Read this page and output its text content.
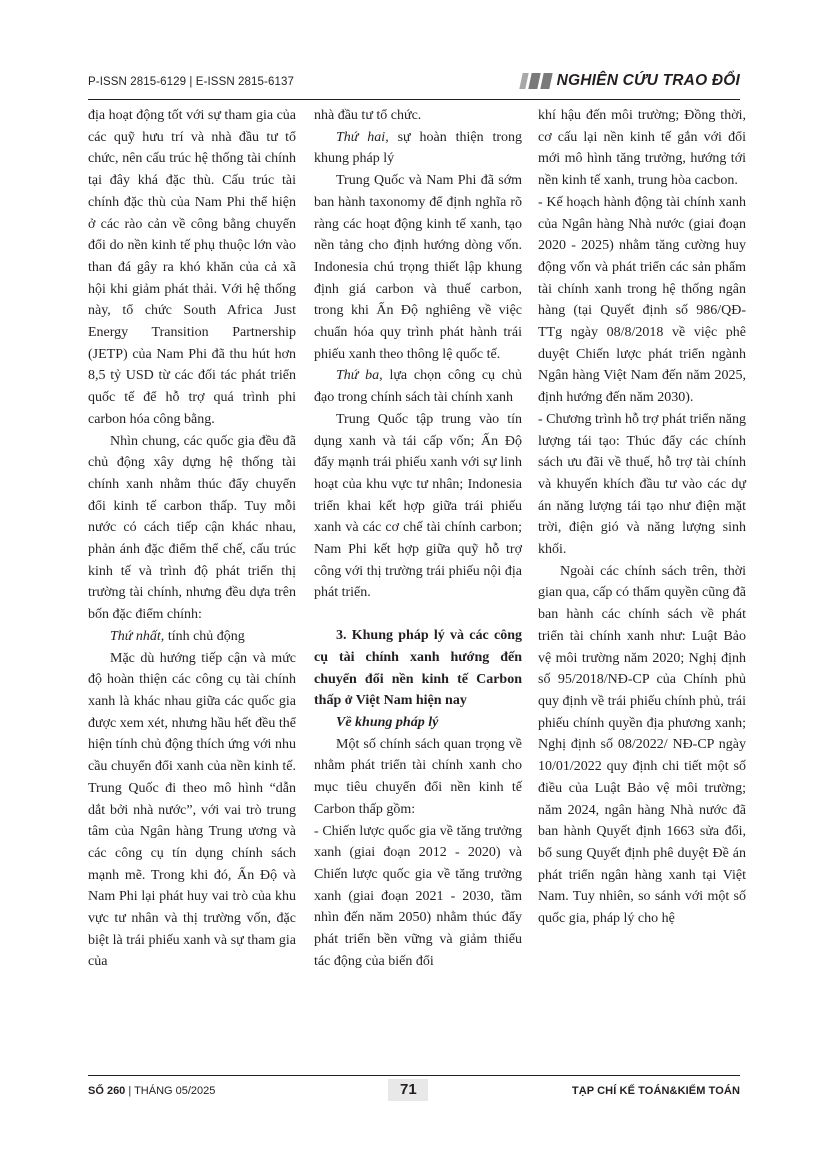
P-ISSN 2815-6129 | E-ISSN 2815-6137	NGHIÊN CỨU TRAO ĐỔI

địa hoạt động tốt với sự tham gia của các quỹ hưu trí và nhà đầu tư tổ chức, nên cấu trúc hệ thống tài chính tại đây khá đặc thù. Cấu trúc tài chính đặc thù của Nam Phi thể hiện ở các rào cản về công bằng chuyển đổi do nền kinh tế phụ thuộc lớn vào than đá gây ra khó khăn của cả xã hội khi giảm phát thải. Với hệ thống này, tổ chức South Africa Just Energy Transition Partnership (JETP) của Nam Phi đã thu hút hơn 8,5 tỷ USD từ các đối tác phát triển quốc tế để hỗ trợ quá trình phi carbon hóa công bằng.

Nhìn chung, các quốc gia đều đã chủ động xây dựng hệ thống tài chính xanh nhằm thúc đẩy chuyển đổi kinh tế carbon thấp. Tuy mỗi nước có cách tiếp cận khác nhau, phản ánh đặc điểm thể chế, cấu trúc kinh tế và trình độ phát triển thị trường tài chính, nhưng đều dựa trên bốn đặc điểm chính:

Thứ nhất, tính chủ động

Mặc dù hướng tiếp cận và mức độ hoàn thiện các công cụ tài chính xanh là khác nhau giữa các quốc gia được xem xét, nhưng hầu hết đều thể hiện tính chủ động thích ứng với nhu cầu chuyển đổi xanh của nền kinh tế. Trung Quốc đi theo mô hình “dẫn dắt bởi nhà nước”, với vai trò trung tâm của Ngân hàng Trung ương và các công cụ tín dụng chính sách mạnh mẽ. Trong khi đó, Ấn Độ và Nam Phi lại phát huy vai trò của khu vực tư nhân và thị trường vốn, đặc biệt là trái phiếu xanh và sự tham gia của

nhà đầu tư tổ chức.

Thứ hai, sự hoàn thiện trong khung pháp lý

Trung Quốc và Nam Phi đã sớm ban hành taxonomy để định nghĩa rõ ràng các hoạt động kinh tế xanh, tạo nền tảng cho định hướng dòng vốn. Indonesia chú trọng thiết lập khung định giá carbon và thuế carbon, trong khi Ấn Độ nghiêng về việc chuẩn hóa quy trình phát hành trái phiếu xanh theo thông lệ quốc tế.

Thứ ba, lựa chọn công cụ chủ đạo trong chính sách tài chính xanh

Trung Quốc tập trung vào tín dụng xanh và tái cấp vốn; Ấn Độ đẩy mạnh trái phiếu xanh với sự linh hoạt của khu vực tư nhân; Indonesia triển khai kết hợp giữa trái phiếu xanh và các cơ chế tài chính carbon; Nam Phi kết hợp giữa quỹ hỗ trợ công với thị trường trái phiếu nội địa phát triển.

3. Khung pháp lý và các công cụ tài chính xanh hướng đến chuyển đổi nền kinh tế Carbon thấp ở Việt Nam hiện nay

Về khung pháp lý

Một số chính sách quan trọng về nhằm phát triển tài chính xanh cho mục tiêu chuyển đổi nền kinh tế Carbon thấp gồm:

- Chiến lược quốc gia về tăng trưởng xanh (giai đoạn 2012 - 2020) và Chiến lược quốc gia về tăng trưởng xanh (giai đoạn 2021 - 2030, tầm nhìn đến năm 2050) nhằm thúc đẩy phát triển bền vững và giảm thiểu tác động của biến đổi

khí hậu đến môi trường; Đồng thời, cơ cấu lại nền kinh tế gắn với đổi mới mô hình tăng trưởng, hướng tới nền kinh tế xanh, trung hòa cacbon.

- Kế hoạch hành động tài chính xanh của Ngân hàng Nhà nước (giai đoạn 2020 - 2025) nhằm tăng cường huy động vốn và phát triển các sản phẩm tài chính xanh trong hệ thống ngân hàng (tại Quyết định số 986/QĐ-TTg ngày 08/8/2018 về việc phê duyệt Chiến lược phát triển ngành Ngân hàng Việt Nam đến năm 2025, định hướng đến năm 2030).

- Chương trình hỗ trợ phát triển năng lượng tái tạo: Thúc đẩy các chính sách ưu đãi về thuế, hỗ trợ tài chính và khuyến khích đầu tư vào các dự án năng lượng tái tạo như điện mặt trời, điện gió và năng lượng sinh khối.

Ngoài các chính sách trên, thời gian qua, cấp có thẩm quyền cũng đã ban hành các chính sách về phát triển tài chính xanh như: Luật Bảo vệ môi trường năm 2020; Nghị định số 95/2018/NĐ-CP của Chính phủ quy định về trái phiếu chính phủ, trái phiếu chính quyền địa phương xanh; Nghị định số 08/2022/ NĐ-CP ngày 10/01/2022 quy định chi tiết một số điều của Luật Bảo vệ môi trường; năm 2024, ngân hàng Nhà nước đã ban hành Quyết định 1663 sửa đổi, bổ sung Quyết định phê duyệt Đề án phát triển ngân hàng xanh tại Việt Nam. Tuy nhiên, so sánh với một số quốc gia, pháp lý cho hệ

SỐ 260 | THÁNG 05/2025	71	TẠP CHÍ KẾ TOÁN&KIỂM TOÁN
